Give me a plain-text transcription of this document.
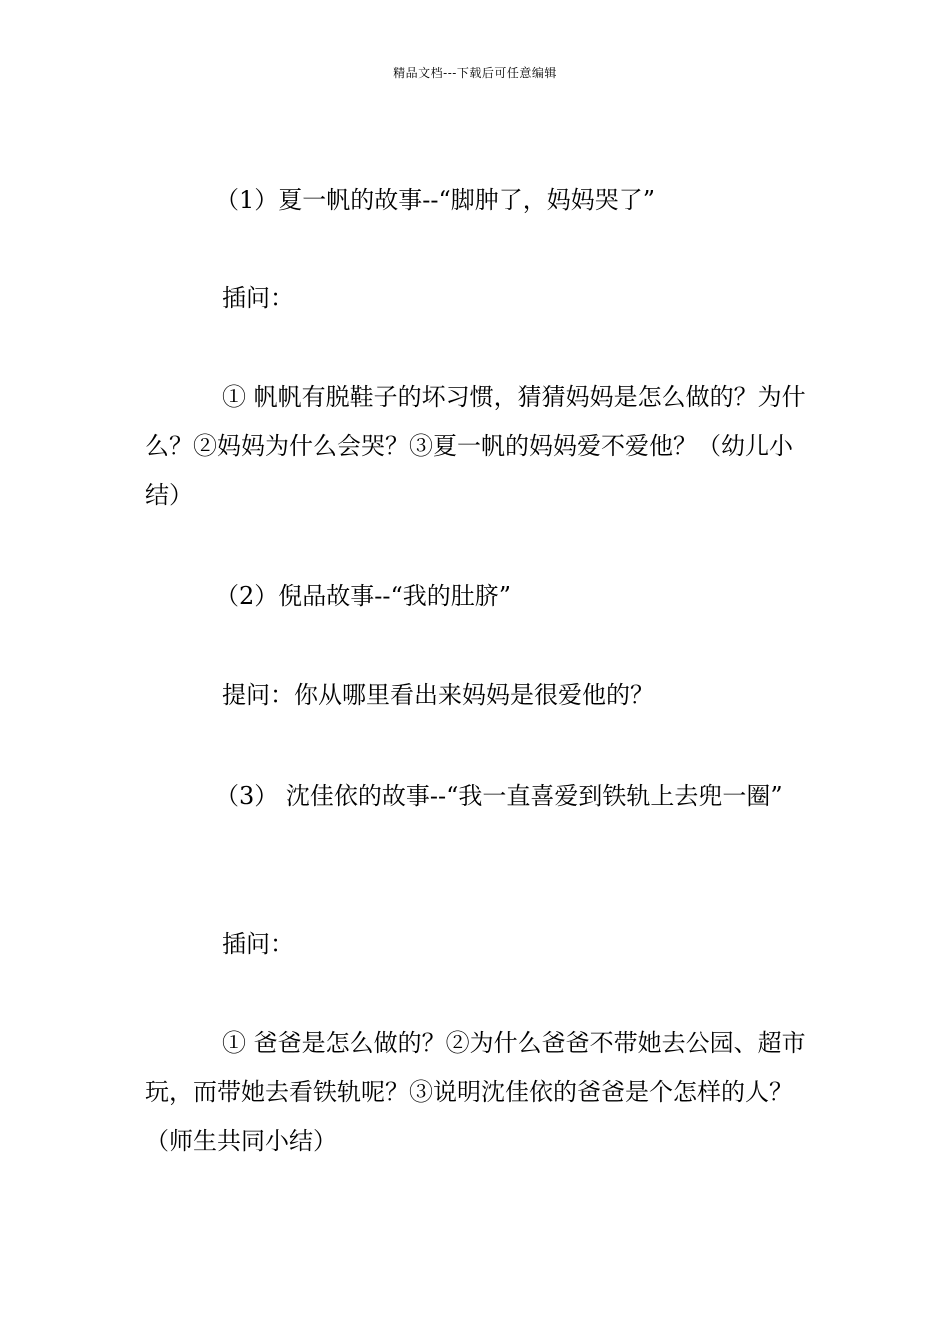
精品文档---下载后可任意编辑

（1）夏一帆的故事--“脚肿了，妈妈哭了”

插问：

① 帆帆有脱鞋子的坏习惯，猜猜妈妈是怎么做的？为什么？②妈妈为什么会哭？③夏一帆的妈妈爱不爱他？（幼儿小结）

（2）倪品故事--“我的肚脐”

提问：你从哪里看出来妈妈是很爱他的？

（3） 沈佳依的故事--“我一直喜爱到铁轨上去兜一圈”

插问：

① 爸爸是怎么做的？②为什么爸爸不带她去公园、超市玩，而带她去看铁轨呢？③说明沈佳依的爸爸是个怎样的人？（师生共同小结）
